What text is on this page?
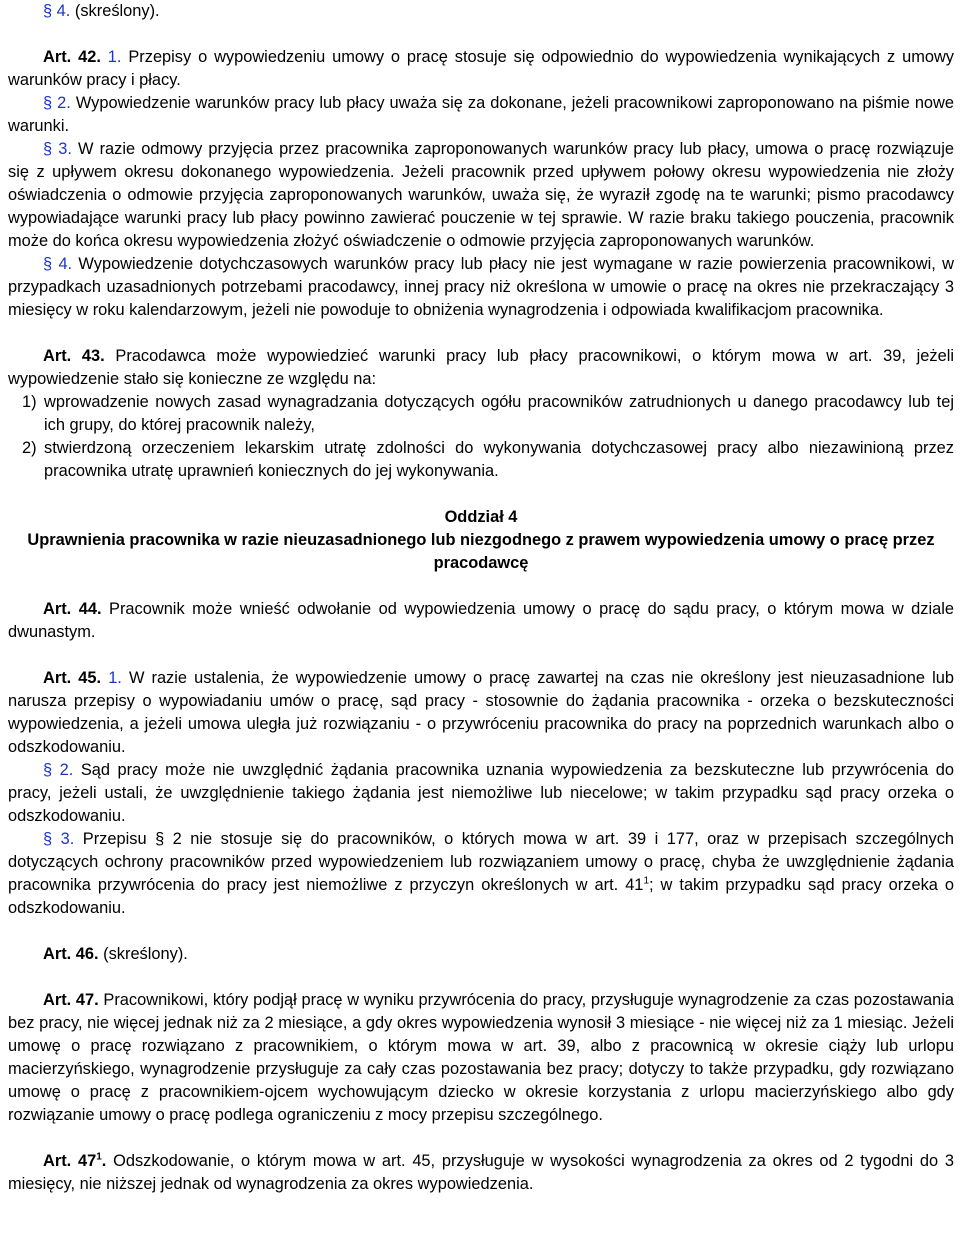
§ 4. (skreślony).

Art. 42. 1. Przepisy o wypowiedzeniu umowy o pracę stosuje się odpowiednio do wypowiedzenia wynikających z umowy warunków pracy i płacy.

§ 2. Wypowiedzenie warunków pracy lub płacy uważa się za dokonane, jeżeli pracownikowi zaproponowano na piśmie nowe warunki.

§ 3. W razie odmowy przyjęcia przez pracownika zaproponowanych warunków pracy lub płacy, umowa o pracę rozwiązuje się z upływem okresu dokonanego wypowiedzenia. Jeżeli pracownik przed upływem połowy okresu wypowiedzenia nie złoży oświadczenia o odmowie przyjęcia zaproponowanych warunków, uważa się, że wyraził zgodę na te warunki; pismo pracodawcy wypowiadające warunki pracy lub płacy powinno zawierać pouczenie w tej sprawie. W razie braku takiego pouczenia, pracownik może do końca okresu wypowiedzenia złożyć oświadczenie o odmowie przyjęcia zaproponowanych warunków.

§ 4. Wypowiedzenie dotychczasowych warunków pracy lub płacy nie jest wymagane w razie powierzenia pracownikowi, w przypadkach uzasadnionych potrzebami pracodawcy, innej pracy niż określona w umowie o pracę na okres nie przekraczający 3 miesięcy w roku kalendarzowym, jeżeli nie powoduje to obniżenia wynagrodzenia i odpowiada kwalifikacjom pracownika.

Art. 43. Pracodawca może wypowiedzieć warunki pracy lub płacy pracownikowi, o którym mowa w art. 39, jeżeli wypowiedzenie stało się konieczne ze względu na:

1) wprowadzenie nowych zasad wynagradzania dotyczących ogółu pracowników zatrudnionych u danego pracodawcy lub tej ich grupy, do której pracownik należy,
2) stwierdzoną orzeczeniem lekarskim utratę zdolności do wykonywania dotychczasowej pracy albo niezawinioną przez pracownika utratę uprawnień koniecznych do jej wykonywania.

Oddział 4

Uprawnienia pracownika w razie nieuzasadnionego lub niezgodnego z prawem wypowiedzenia umowy o pracę przez pracodawcę

Art. 44. Pracownik może wnieść odwołanie od wypowiedzenia umowy o pracę do sądu pracy, o którym mowa w dziale dwunastym.

Art. 45. 1. W razie ustalenia, że wypowiedzenie umowy o pracę zawartej na czas nie określony jest nieuzasadnione lub narusza przepisy o wypowiadaniu umów o pracę, sąd pracy - stosownie do żądania pracownika - orzeka o bezskuteczności wypowiedzenia, a jeżeli umowa uległa już rozwiązaniu - o przywróceniu pracownika do pracy na poprzednich warunkach albo o odszkodowaniu.

§ 2. Sąd pracy może nie uwzględnić żądania pracownika uznania wypowiedzenia za bezskuteczne lub przywrócenia do pracy, jeżeli ustali, że uwzględnienie takiego żądania jest niemożliwe lub niecelowe; w takim przypadku sąd pracy orzeka o odszkodowaniu.

§ 3. Przepisu § 2 nie stosuje się do pracowników, o których mowa w art. 39 i 177, oraz w przepisach szczególnych dotyczących ochrony pracowników przed wypowiedzeniem lub rozwiązaniem umowy o pracę, chyba że uwzględnienie żądania pracownika przywrócenia do pracy jest niemożliwe z przyczyn określonych w art. $41^1$; w takim przypadku sąd pracy orzeka o odszkodowaniu.

Art. 46. (skreślony).

Art. 47. Pracownikowi, który podjął pracę w wyniku przywrócenia do pracy, przysługuje wynagrodzenie za czas pozostawania bez pracy, nie więcej jednak niż za 2 miesiące, a gdy okres wypowiedzenia wynosił 3 miesiące - nie więcej niż za 1 miesiąc. Jeżeli umowę o pracę rozwiązano z pracownikiem, o którym mowa w art. 39, albo z pracownicą w okresie ciąży lub urlopu macierzyńskiego, wynagrodzenie przysługuje za cały czas pozostawania bez pracy; dotyczy to także przypadku, gdy rozwiązano umowę o pracę z pracownikiem-ojcem wychowującym dziecko w okresie korzystania z urlopu macierzyńskiego albo gdy rozwiązanie umowy o pracę podlega ograniczeniu z mocy przepisu szczególnego.

Art. $47^1$. Odszkodowanie, o którym mowa w art. 45, przysługuje w wysokości wynagrodzenia za okres od 2 tygodni do 3 miesięcy, nie niższej jednak od wynagrodzenia za okres wypowiedzenia.
